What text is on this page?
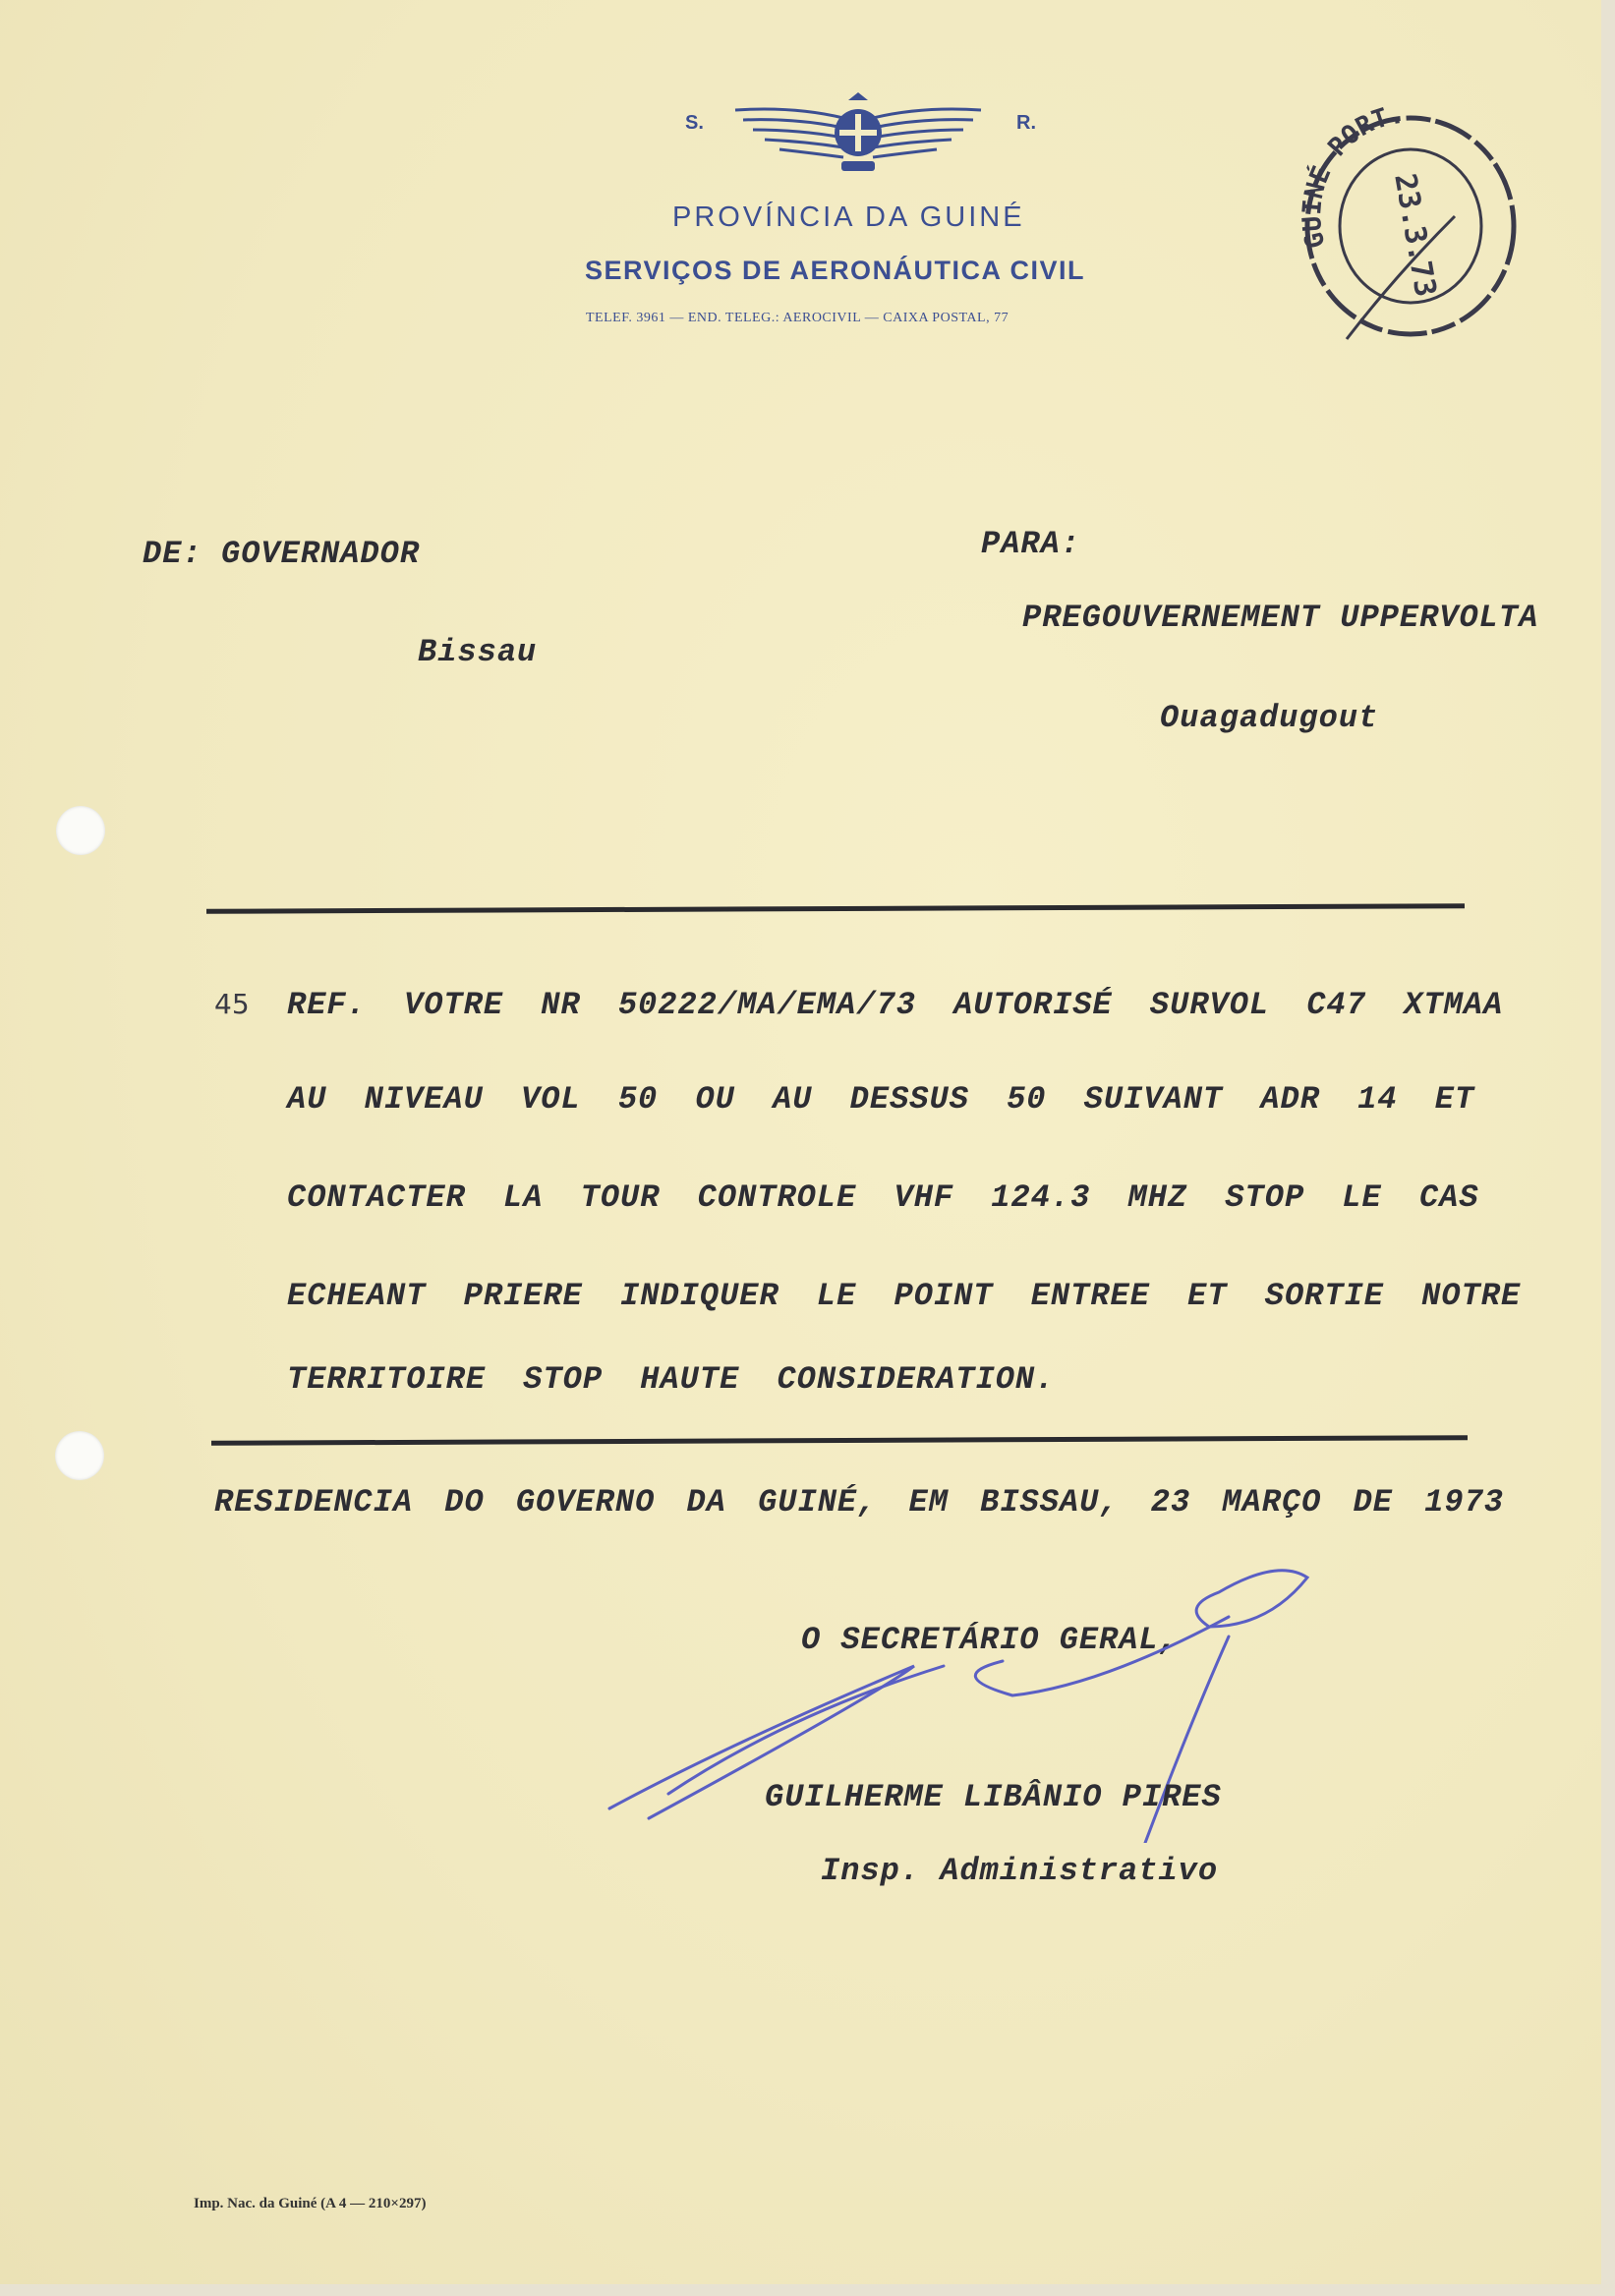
S.	R.
PROVÍNCIA DA GUINÉ
SERVIÇOS DE AERONÁUTICA CIVIL
TELEF. 3961 — END. TELEG.: AEROCIVIL — CAIXA POSTAL, 77
GUINÉ PORT.
23.3.73
DE: GOVERNADOR
Bissau
PARA:
PREGOUVERNEMENT UPPERVOLTA
Ouagadugout
45 REF. VOTRE NR 50222/MA/EMA/73 AUTORISÉ SURVOL C47 XTMAA
AU NIVEAU VOL 50 OU AU DESSUS 50 SUIVANT ADR 14 ET
CONTACTER LA TOUR CONTROLE VHF 124.3 MHZ STOP LE CAS
ECHEANT PRIERE INDIQUER LE POINT ENTREE ET SORTIE NOTRE
TERRITOIRE STOP HAUTE CONSIDERATION.
RESIDENCIA DO GOVERNO DA GUINÉ, EM BISSAU, 23 MARÇO DE 1973
O SECRETÁRIO GERAL,
GUILHERME LIBÂNIO PIRES
Insp. Administrativo
Imp. Nac. da Guiné (A 4 — 210×297)
